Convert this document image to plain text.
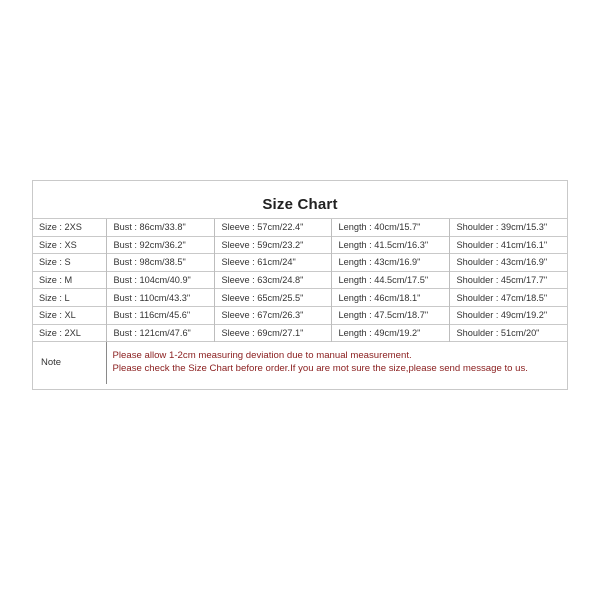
Size Chart
Size : 2XS	Bust : 86cm/33.8"	Sleeve : 57cm/22.4"	Length : 40cm/15.7"	Shoulder : 39cm/15.3"
Size : XS	Bust : 92cm/36.2"	Sleeve : 59cm/23.2"	Length : 41.5cm/16.3"	Shoulder : 41cm/16.1"
Size : S	Bust : 98cm/38.5"	Sleeve : 61cm/24"	Length : 43cm/16.9"	Shoulder : 43cm/16.9"
Size : M	Bust : 104cm/40.9"	Sleeve : 63cm/24.8"	Length : 44.5cm/17.5"	Shoulder : 45cm/17.7"
Size : L	Bust : 110cm/43.3"	Sleeve : 65cm/25.5"	Length : 46cm/18.1"	Shoulder : 47cm/18.5"
Size : XL	Bust : 116cm/45.6"	Sleeve : 67cm/26.3"	Length : 47.5cm/18.7"	Shoulder : 49cm/19.2"
Size : 2XL	Bust : 121cm/47.6"	Sleeve : 69cm/27.1"	Length : 49cm/19.2"	Shoulder : 51cm/20"
Note	Please allow 1-2cm measuring deviation due to manual measurement.
Please check the Size Chart before order.If you are mot sure the size,please send message to us.			
